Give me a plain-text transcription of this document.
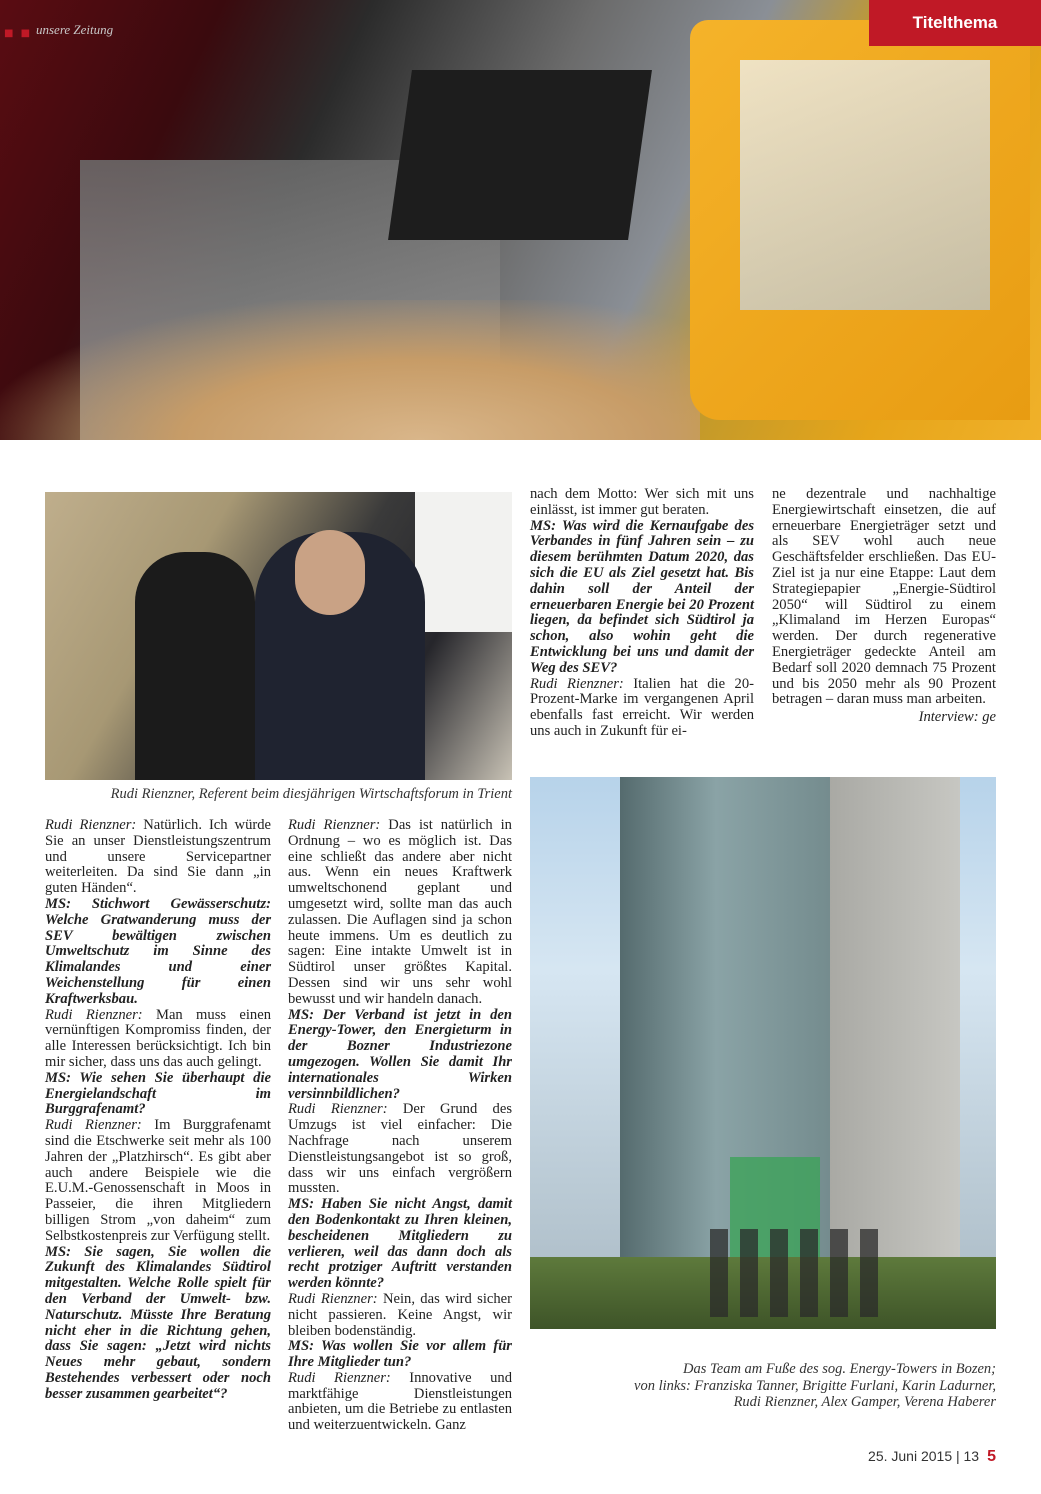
■ ■ unsere Zeitung	Titelthema
Rudi Rienzner, Referent beim diesjährigen Wirtschaftsforum in Trient
Das Team am Fuße des sog. Energy-Towers in Bozen;
von links: Franziska Tanner, Brigitte Furlani, Karin Ladurner,
Rudi Rienzner, Alex Gamper, Verena Haberer

Rudi Rienzner: Natürlich. Ich würde Sie an unser Dienstleistungszentrum und unsere Servicepartner weiterleiten. Da sind Sie dann „in guten Händen“.

MS: Stichwort Gewässerschutz: Welche Gratwanderung muss der SEV bewältigen zwischen Umweltschutz im Sinne des Klimalandes und einer Weichenstellung für einen Kraftwerksbau.

Rudi Rienzner: Man muss einen vernünftigen Kompromiss finden, der alle Interessen berücksichtigt. Ich bin mir sicher, dass uns das auch gelingt.

MS: Wie sehen Sie überhaupt die Energielandschaft im Burggrafenamt?

Rudi Rienzner: Im Burggrafenamt sind die Etschwerke seit mehr als 100 Jahren der „Platzhirsch“. Es gibt aber auch andere Beispiele wie die E.U.M.-Genossenschaft in Moos in Passeier, die ihren Mitgliedern billigen Strom „von daheim“ zum Selbstkostenpreis zur Verfügung stellt.

MS: Sie sagen, Sie wollen die Zukunft des Klimalandes Südtirol mitgestalten. Welche Rolle spielt für den Verband der Umwelt- bzw. Naturschutz. Müsste Ihre Beratung nicht eher in die Richtung gehen, dass Sie sagen: „Jetzt wird nichts Neues mehr gebaut, sondern Bestehendes verbessert oder noch besser zusammen gearbeitet“?

Rudi Rienzner: Das ist natürlich in Ordnung – wo es möglich ist. Das eine schließt das andere aber nicht aus. Wenn ein neues Kraftwerk umweltschonend geplant und umgesetzt wird, sollte man das auch zulassen. Die Auflagen sind ja schon heute immens. Um es deutlich zu sagen: Eine intakte Umwelt ist in Südtirol unser größtes Kapital. Dessen sind wir uns sehr wohl bewusst und wir handeln danach.

MS: Der Verband ist jetzt in den Energy-Tower, den Energieturm in der Bozner Industriezone umgezogen. Wollen Sie damit Ihr internationales Wirken versinnbildlichen?

Rudi Rienzner: Der Grund des Umzugs ist viel einfacher: Die Nachfrage nach unserem Dienstleistungsangebot ist so groß, dass wir uns einfach vergrößern mussten.

MS: Haben Sie nicht Angst, damit den Bodenkontakt zu Ihren kleinen, bescheidenen Mitgliedern zu verlieren, weil das dann doch als recht protziger Auftritt verstanden werden könnte?

Rudi Rienzner: Nein, das wird sicher nicht passieren. Keine Angst, wir bleiben bodenständig.

MS: Was wollen Sie vor allem für Ihre Mitglieder tun?

Rudi Rienzner: Innovative und marktfähige Dienstleistungen anbieten, um die Betriebe zu entlasten und weiterzuentwickeln. Ganz

nach dem Motto: Wer sich mit uns einlässt, ist immer gut beraten.

MS: Was wird die Kernaufgabe des Verbandes in fünf Jahren sein – zu diesem berühmten Datum 2020, das sich die EU als Ziel gesetzt hat. Bis dahin soll der Anteil der erneuerbaren Energie bei 20 Prozent liegen, da befindet sich Südtirol ja schon, also wohin geht die Entwicklung bei uns und damit der Weg des SEV?

Rudi Rienzner: Italien hat die 20-Prozent-Marke im vergangenen April ebenfalls fast erreicht. Wir werden uns auch in Zukunft für ei-

ne dezentrale und nachhaltige Energiewirtschaft einsetzen, die auf erneuerbare Energieträger setzt und als SEV wohl auch neue Geschäftsfelder erschließen. Das EU-Ziel ist ja nur eine Etappe: Laut dem Strategiepapier „Energie-Südtirol 2050“ will Südtirol zu einem „Klimaland im Herzen Europas“ werden. Der durch regenerative Energieträger gedeckte Anteil am Bedarf soll 2020 demnach 75 Prozent und bis 2050 mehr als 90 Prozent betragen – daran muss man arbeiten.

Interview: ge
25. Juni 2015 | 13 5
